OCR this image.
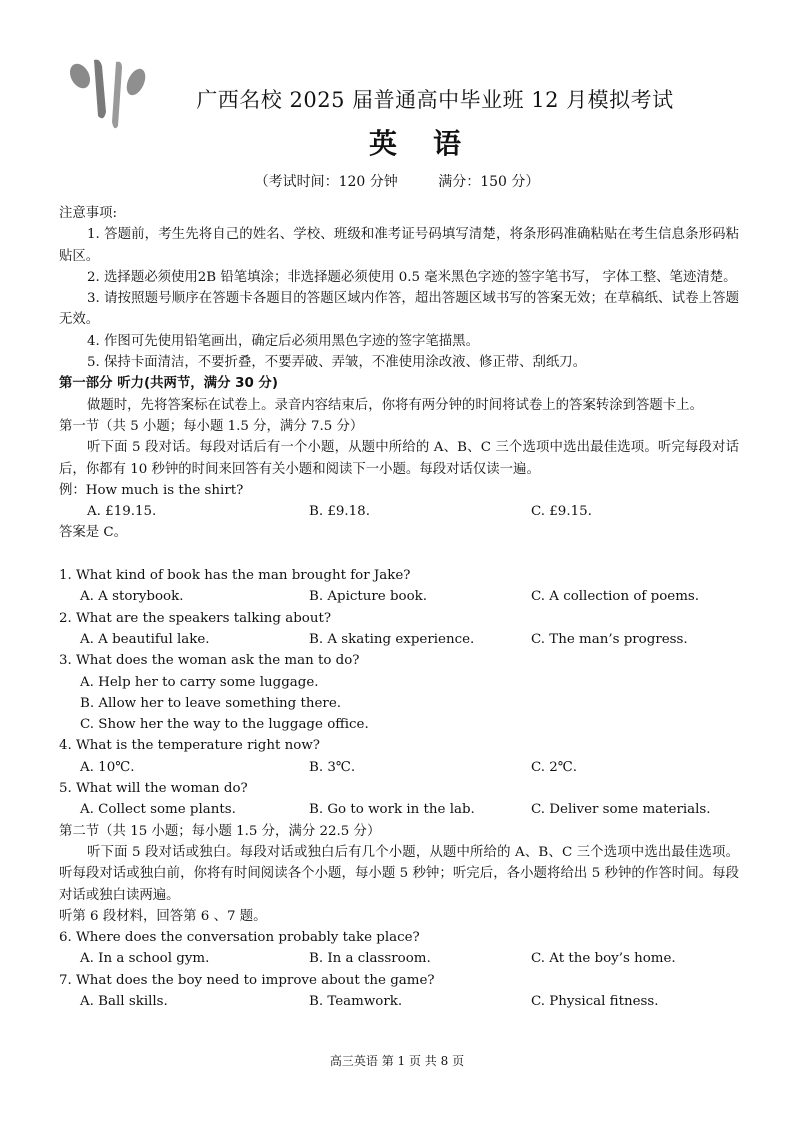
广西名校 2025 届普通高中毕业班 12 月模拟考试
英语
（考试时间：120 分钟	满分：150 分）
注意事项:
1. 答题前，考生先将自己的姓名、学校、班级和准考证号码填写清楚，将条形码准确粘贴在考生信息条形码粘贴区。
2. 选择题必须使用2B 铅笔填涂；非选择题必须使用 0.5 毫米黑色字迹的签字笔书写， 字体工整、笔迹清楚。
3. 请按照题号顺序在答题卡各题目的答题区域内作答，超出答题区域书写的答案无效；在草稿纸、试卷上答题无效。
4. 作图可先使用铅笔画出，确定后必须用黑色字迹的签字笔描黑。
5. 保持卡面清洁，不要折叠，不要弄破、弄皱，不准使用涂改液、修正带、刮纸刀。
第一部分 听力(共两节，满分 30 分)
做题时，先将答案标在试卷上。录音内容结束后，你将有两分钟的时间将试卷上的答案转涂到答题卡上。
第一节（共 5 小题；每小题 1.5 分，满分 7.5 分）
听下面 5 段对话。每段对话后有一个小题，从题中所给的 A、B、C 三个选项中选出最佳选项。听完每段对话后，你都有 10 秒钟的时间来回答有关小题和阅读下一小题。每段对话仅读一遍。
例：How much is the shirt?
A. £19.15.	B. £9.18.	C. £9.15.
答案是 C。
1. What kind of book has the man brought for Jake?
A. A storybook.	B. Apicture book.	C. A collection of poems.
2. What are the speakers talking about?
A. A beautiful lake.	B. A skating experience.	C. The man’s progress.
3. What does the woman ask the man to do?
A. Help her to carry some luggage.
B. Allow her to leave something there.
C. Show her the way to the luggage office.
4. What is the temperature right now?
A. 10℃.	B. 3℃.	C. 2℃.
5. What will the woman do?
A. Collect some plants.	B. Go to work in the lab.	C. Deliver some materials.
第二节（共 15 小题；每小题 1.5 分，满分 22.5 分）
听下面 5 段对话或独白。每段对话或独白后有几个小题，从题中所给的 A、B、C 三个选项中选出最佳选项。听每段对话或独白前，你将有时间阅读各个小题，每小题 5 秒钟；听完后，各小题将给出 5 秒钟的作答时间。每段对话或独白读两遍。
听第 6 段材料，回答第 6 、7 题。
6. Where does the conversation probably take place?
A. In a school gym.	B. In a classroom.	C. At the boy’s home.
7. What does the boy need to improve about the game?
A. Ball skills.	B. Teamwork.	C. Physical fitness.
高三英语 第 1 页 共 8 页
